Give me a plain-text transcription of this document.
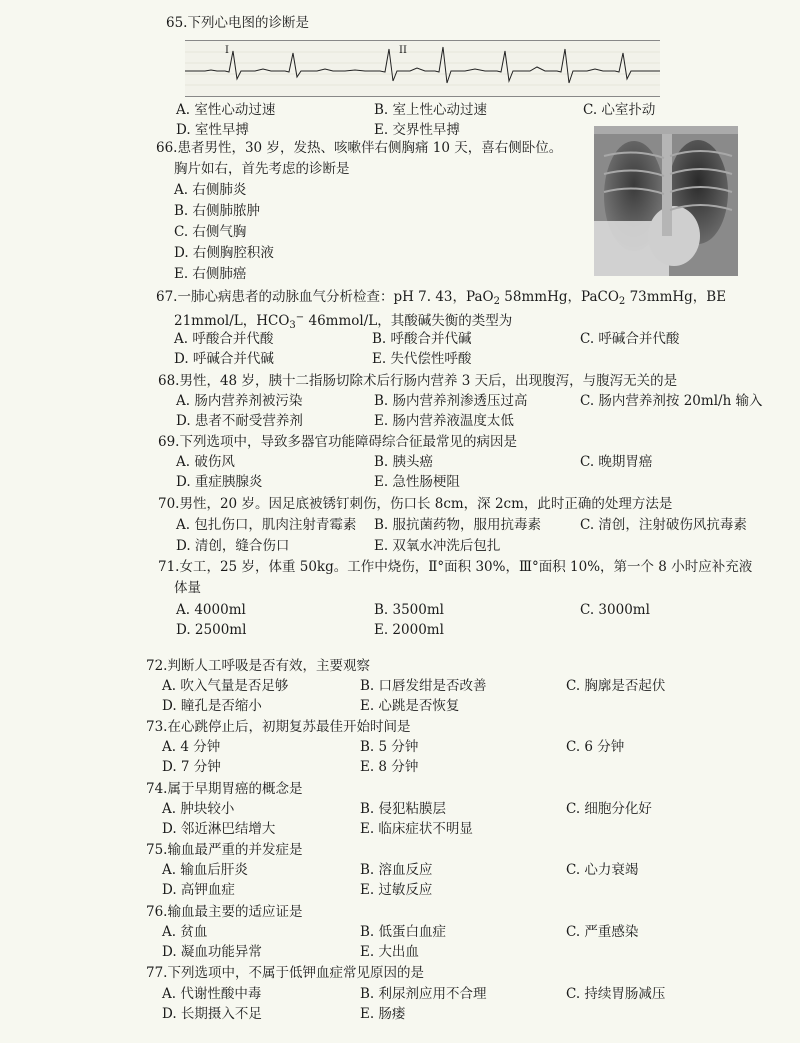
65.下列心电图的诊断是
A. 室性心动过速	B. 室上性心动过速	C. 心室扑动
D. 室性早搏	E. 交界性早搏
I	II
66.患者男性，30 岁，发热、咳嗽伴右侧胸痛 10 天，喜右侧卧位。
胸片如右，首先考虑的诊断是
A. 右侧肺炎
B. 右侧肺脓肿
C. 右侧气胸
D. 右侧胸腔积液
E. 右侧肺癌
67.一肺心病患者的动脉血气分析检查：pH 7. 43，PaO$_2$ 58mmHg，PaCO$_2$ 73mmHg，BE
21mmol/L，$HCO_3^-$ 46mmol/L，其酸碱失衡的类型为
A. 呼酸合并代酸	B. 呼酸合并代碱	C. 呼碱合并代酸
D. 呼碱合并代碱	E. 失代偿性呼酸
68.男性，48 岁，胰十二指肠切除术后行肠内营养 3 天后，出现腹泻，与腹泻无关的是
A. 肠内营养剂被污染	B. 肠内营养剂渗透压过高	C. 肠内营养剂按 20ml/h 输入
D. 患者不耐受营养剂	E. 肠内营养液温度太低
69.下列选项中，导致多器官功能障碍综合征最常见的病因是
A. 破伤风	B. 胰头癌	C. 晚期胃癌
D. 重症胰腺炎	E. 急性肠梗阻
70.男性，20 岁。因足底被锈钉刺伤，伤口长 8cm，深 2cm，此时正确的处理方法是
A. 包扎伤口，肌肉注射青霉素 B. 服抗菌药物，服用抗毒素	C. 清创，注射破伤风抗毒素
D. 清创，缝合伤口	E. 双氧水冲洗后包扎
71.女工，25 岁，体重 50kg。工作中烧伤，Ⅱ°面积 30%，Ⅲ°面积 10%，第一个 8 小时应补充液
体量
A. 4000ml	B. 3500ml	C. 3000ml
D. 2500ml	E. 2000ml
72.判断人工呼吸是否有效，主要观察
A. 吹入气量是否足够	B. 口唇发绀是否改善	C. 胸廓是否起伏
D. 瞳孔是否缩小	E. 心跳是否恢复
73.在心跳停止后，初期复苏最佳开始时间是
A. 4 分钟	B. 5 分钟	C. 6 分钟
D. 7 分钟	E. 8 分钟
74.属于早期胃癌的概念是
A. 肿块较小	B. 侵犯粘膜层	C. 细胞分化好
D. 邻近淋巴结增大	E. 临床症状不明显
75.输血最严重的并发症是
A. 输血后肝炎	B. 溶血反应	C. 心力衰竭
D. 高钾血症	E. 过敏反应
76.输血最主要的适应证是
A. 贫血	B. 低蛋白血症	C. 严重感染
D. 凝血功能异常	E. 大出血
77.下列选项中，不属于低钾血症常见原因的是
A. 代谢性酸中毒	B. 利尿剂应用不合理	C. 持续胃肠减压
D. 长期摄入不足	E. 肠瘘
